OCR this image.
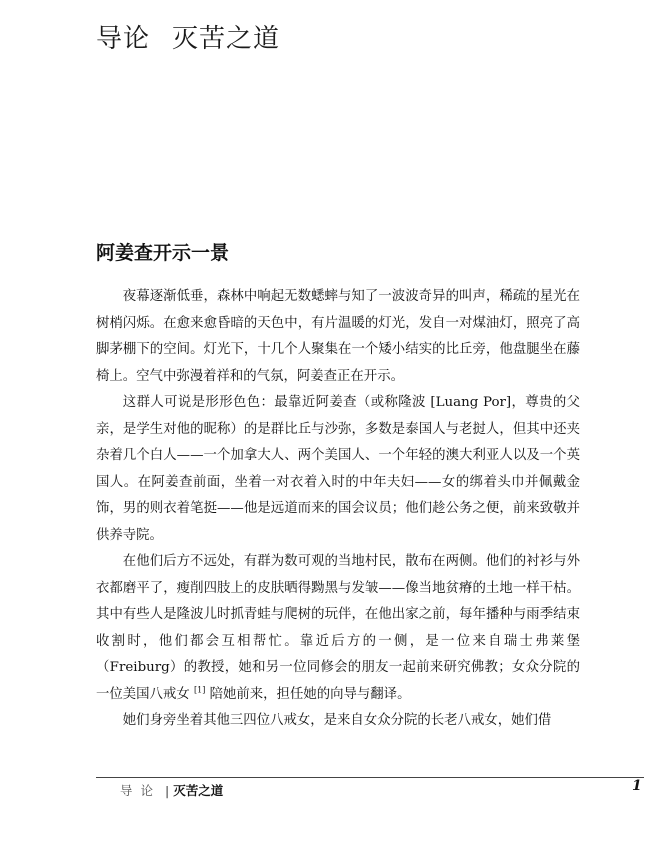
导论 灭苦之道
阿姜查开示一景

夜幕逐渐低垂，森林中响起无数蟋蟀与知了一波波奇异的叫声，稀疏的星光在树梢闪烁。在愈来愈昏暗的天色中，有片温暖的灯光，发自一对煤油灯，照亮了高脚茅棚下的空间。灯光下，十几个人聚集在一个矮小结实的比丘旁，他盘腿坐在藤椅上。空气中弥漫着祥和的气氛，阿姜查正在开示。

这群人可说是形形色色：最靠近阿姜查（或称隆波 [Luang Por]，尊贵的父亲，是学生对他的昵称）的是群比丘与沙弥，多数是泰国人与老挝人，但其中还夹杂着几个白人——一个加拿大人、两个美国人、一个年轻的澳大利亚人以及一个英国人。在阿姜查前面，坐着一对衣着入时的中年夫妇——女的绑着头巾并佩戴金饰，男的则衣着笔挺——他是远道而来的国会议员；他们趁公务之便，前来致敬并供养寺院。

在他们后方不远处，有群为数可观的当地村民，散布在两侧。他们的衬衫与外衣都磨平了，瘦削四肢上的皮肤晒得黝黑与发皱——像当地贫瘠的土地一样干枯。其中有些人是隆波儿时抓青蛙与爬树的玩伴，在他出家之前，每年播种与雨季结束收割时，他们都会互相帮忙。靠近后方的一侧，是一位来自瑞士弗莱堡（Freiburg）的教授，她和另一位同修会的朋友一起前来研究佛教；女众分院的一位美国八戒女 [1] 陪她前来，担任她的向导与翻译。

她们身旁坐着其他三四位八戒女，是来自女众分院的长老八戒女，她们借

导论 | 灭苦之道	1
